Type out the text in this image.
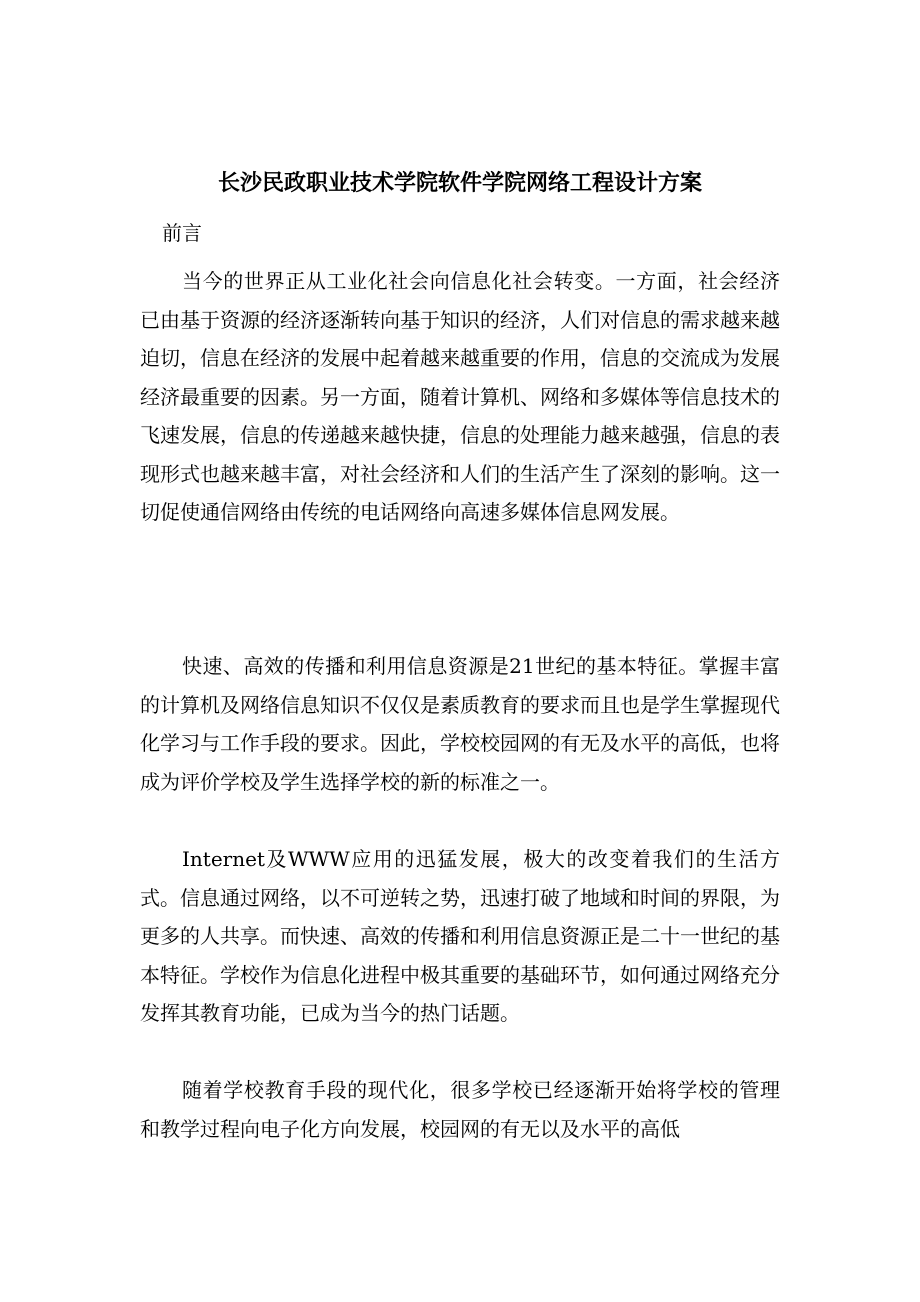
长沙民政职业技术学院软件学院网络工程设计方案
前言

当今的世界正从工业化社会向信息化社会转变。一方面，社会经济已由基于资源的经济逐渐转向基于知识的经济，人们对信息的需求越来越迫切，信息在经济的发展中起着越来越重要的作用，信息的交流成为发展经济最重要的因素。另一方面，随着计算机、网络和多媒体等信息技术的飞速发展，信息的传递越来越快捷，信息的处理能力越来越强，信息的表现形式也越来越丰富，对社会经济和人们的生活产生了深刻的影响。这一切促使通信网络由传统的电话网络向高速多媒体信息网发展。

快速、高效的传播和利用信息资源是21世纪的基本特征。掌握丰富的计算机及网络信息知识不仅仅是素质教育的要求而且也是学生掌握现代化学习与工作手段的要求。因此，学校校园网的有无及水平的高低，也将成为评价学校及学生选择学校的新的标准之一。

Internet及WWW应用的迅猛发展，极大的改变着我们的生活方式。信息通过网络，以不可逆转之势，迅速打破了地域和时间的界限，为更多的人共享。而快速、高效的传播和利用信息资源正是二十一世纪的基本特征。学校作为信息化进程中极其重要的基础环节，如何通过网络充分发挥其教育功能，已成为当今的热门话题。

随着学校教育手段的现代化，很多学校已经逐渐开始将学校的管理和教学过程向电子化方向发展，校园网的有无以及水平的高低
